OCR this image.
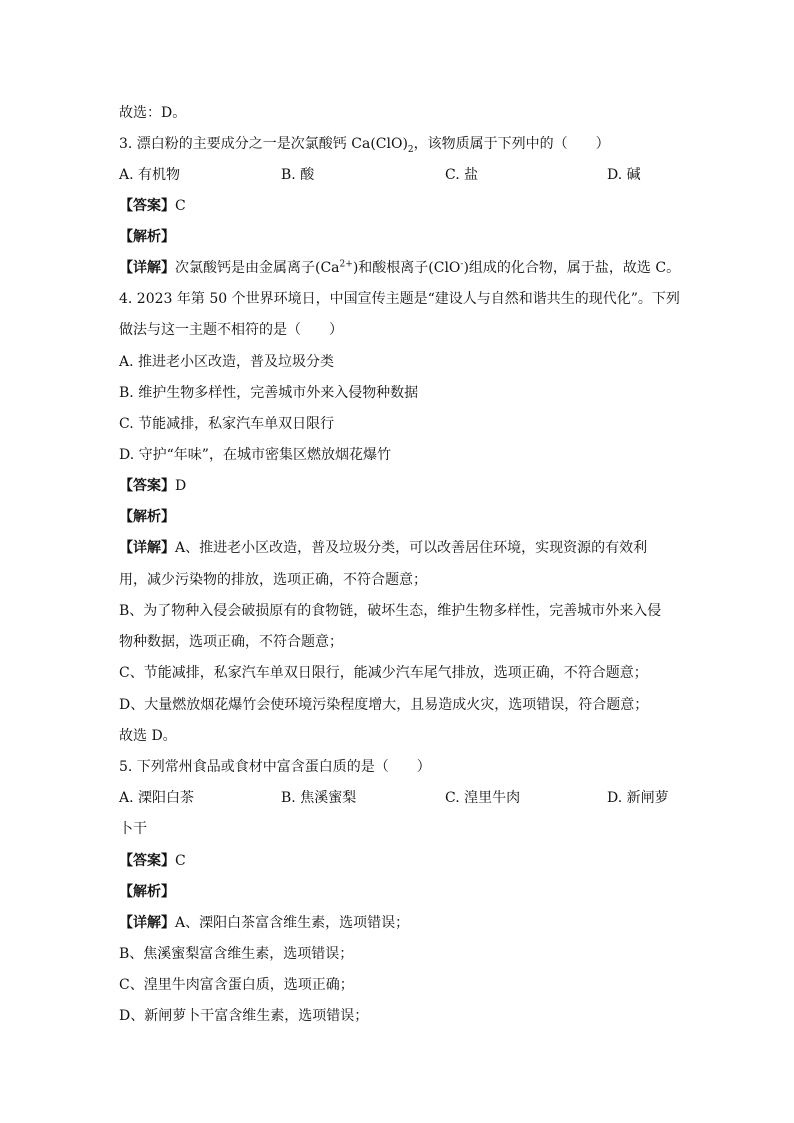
故选：D。
3. 漂白粉的主要成分之一是次氯酸钙 $Ca(ClO)_2$，该物质属于下列中的（　　）
A. 有机物	B. 酸	C. 盐	D. 碱
【答案】C
【解析】
【详解】次氯酸钙是由金属离子$(Ca^{2+})$和酸根离子(ClO-)组成的化合物，属于盐，故选 C。
4. 2023 年第 50 个世界环境日，中国宣传主题是“建设人与自然和谐共生的现代化”。下列
做法与这一主题不相符的是（　　）
A. 推进老小区改造，普及垃圾分类
B. 维护生物多样性，完善城市外来入侵物种数据
C. 节能减排，私家汽车单双日限行
D. 守护“年味”，在城市密集区燃放烟花爆竹
【答案】D
【解析】
【详解】A、推进老小区改造，普及垃圾分类，可以改善居住环境，实现资源的有效利
用，减少污染物的排放，选项正确，不符合题意；
B、为了物种入侵会破损原有的食物链，破坏生态，维护生物多样性，完善城市外来入侵
物种数据，选项正确，不符合题意；
C、节能减排，私家汽车单双日限行，能减少汽车尾气排放，选项正确，不符合题意；
D、大量燃放烟花爆竹会使环境污染程度增大，且易造成火灾，选项错误，符合题意；
故选 D。
5. 下列常州食品或食材中富含蛋白质的是（　　）
A. 溧阳白茶	B. 焦溪蜜梨	C. 湟里牛肉	D. 新闸萝
卜干
【答案】C
【解析】
【详解】A、溧阳白茶富含维生素，选项错误；
B、焦溪蜜梨富含维生素，选项错误；
C、湟里牛肉富含蛋白质，选项正确；
D、新闸萝卜干富含维生素，选项错误；
